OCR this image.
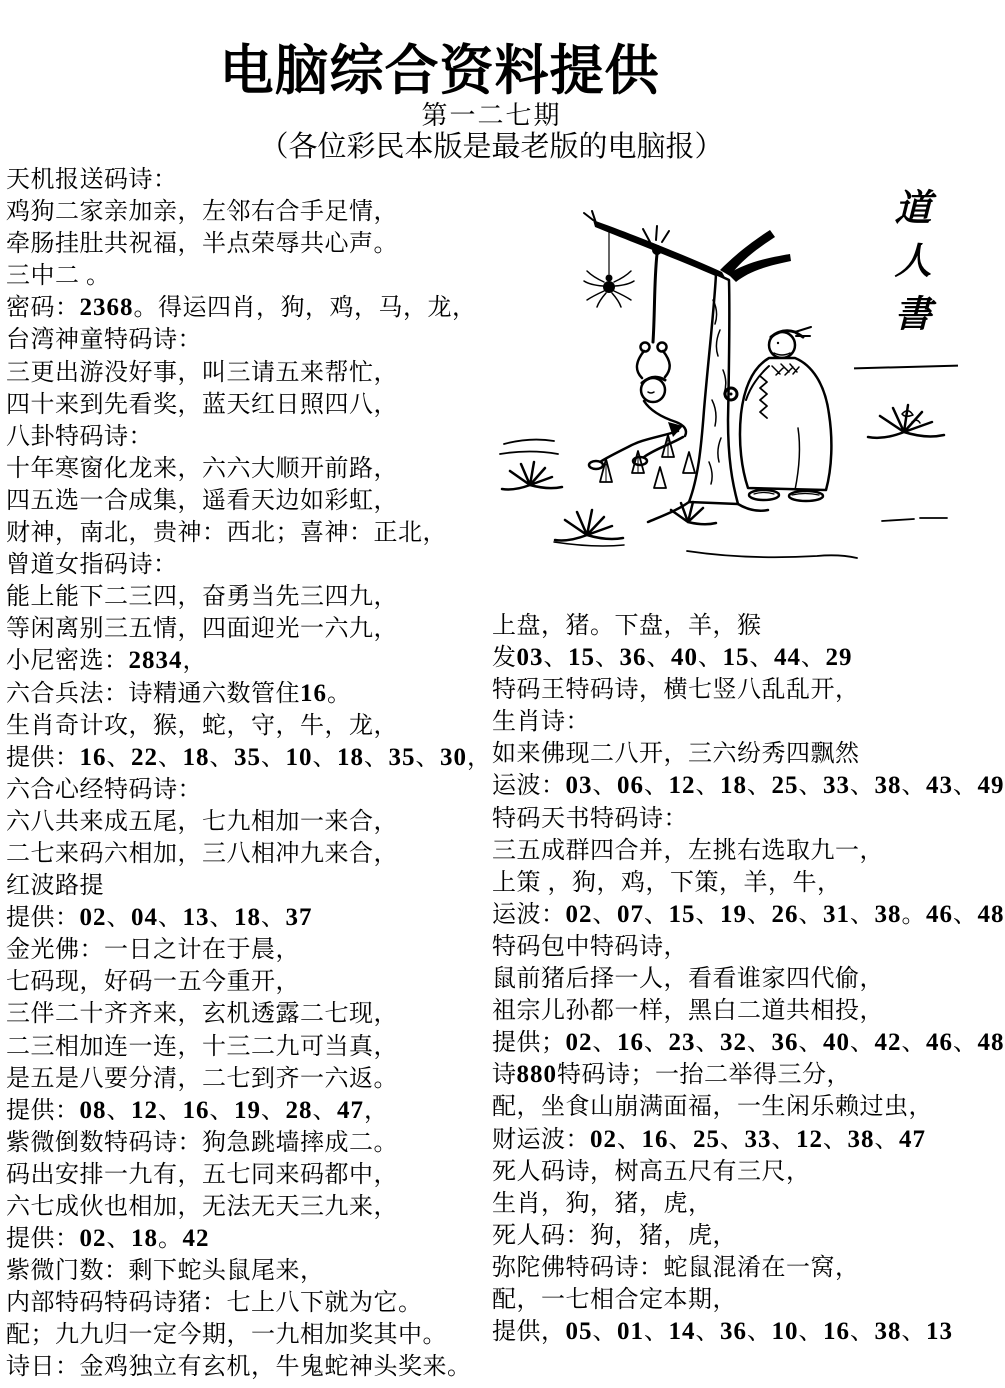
电脑综合资料提供
第一二七期
（各位彩民本版是最老版的电脑报）
天机报送码诗：
鸡狗二家亲加亲，左邻右合手足情，
牵肠挂肚共祝福，半点荣辱共心声。
三中二 。
密码：2368。得运四肖，狗，鸡，马，龙，
台湾神童特码诗：
三更出游没好事，叫三请五来帮忙，
四十来到先看奖，蓝天红日照四八，
八卦特码诗：
十年寒窗化龙来，六六大顺开前路，
四五选一合成集，遥看天边如彩虹，
财神，南北，贵神：西北；喜神：正北，
曾道女指码诗：
能上能下二三四，奋勇当先三四九，
等闲离别三五情，四面迎光一六九，
小尼密选：2834，
六合兵法：诗精通六数管住16。
生肖奇计攻，猴，蛇，守，牛，龙，
提供：16、22、18、35、10、18、35、30，
六合心经特码诗：
六八共来成五尾，七九相加一来合，
二七来码六相加，三八相冲九来合，
红波路提
提供：02、04、13、18、37
金光佛：一日之计在于晨，
七码现，好码一五今重开，
三伴二十齐齐来，玄机透露二七现，
二三相加连一连，十三二九可当真，
是五是八要分清，二七到齐一六返。
提供：08、12、16、19、28、47，
紫微倒数特码诗：狗急跳墙摔成二。
码出安排一九有，五七同来码都中，
六七成伙也相加，无法无天三九来，
提供：02、18。42
紫微门数：剩下蛇头鼠尾来，
内部特码特码诗猪：七上八下就为它。
配；九九归一定今期，一九相加奖其中。
诗日：金鸡独立有玄机，牛鬼蛇神头奖来。
上盘，猪。下盘，羊，猴
发03、15、36、40、15、44、29
特码王特码诗，横七竖八乱乱开，
生肖诗：
如来佛现二八开，三六纷秀四飘然
运波：03、06、12、18、25、33、38、43、49
特码天书特码诗：
三五成群四合并，左挑右选取九一，
上策 ，狗，鸡，下策，羊，牛，
运波：02、07、15、19、26、31、38。46、48
特码包中特码诗，
鼠前猪后择一人，看看谁家四代偷，
祖宗儿孙都一样，黑白二道共相投，
提供；02、16、23、32、36、40、42、46、48
诗880特码诗；一抬二举得三分，
配，坐食山崩满面福，一生闲乐赖过虫，
财运波：02、16、25、33、12、38、47
死人码诗，树高五尺有三尺，
生肖，狗，猪，虎，
死人码：狗，猪，虎，
弥陀佛特码诗：蛇鼠混淆在一窝，
配，一七相合定本期，
提供，05、01、14、36、10、16、38、13
道人書
